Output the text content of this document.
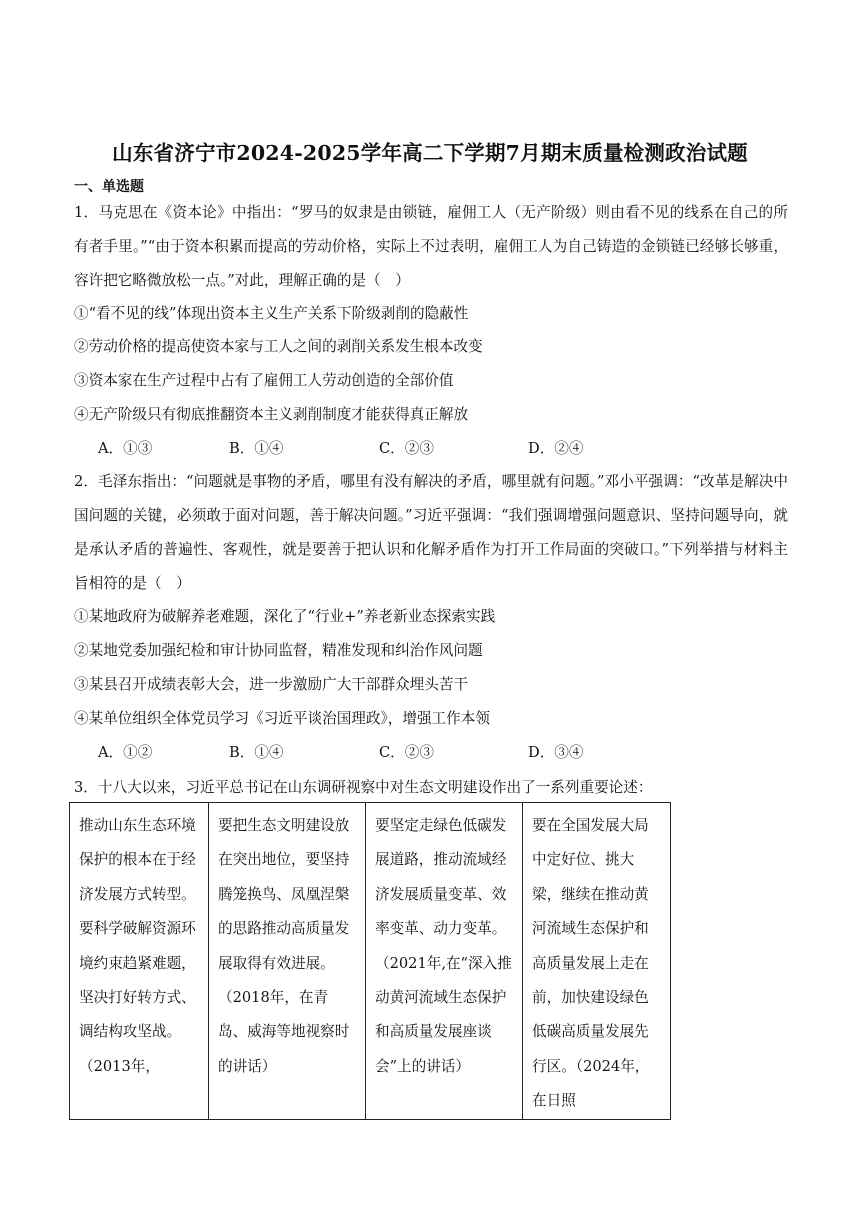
山东省济宁市2024-2025学年高二下学期7月期末质量检测政治试题
一、单选题
1．马克思在《资本论》中指出：“罗马的奴隶是由锁链，雇佣工人（无产阶级）则由看不见的线系在自己的所有者手里。”“由于资本积累而提高的劳动价格，实际上不过表明，雇佣工人为自己铸造的金锁链已经够长够重，容许把它略微放松一点。”对此，理解正确的是（　）
①“看不见的线”体现出资本主义生产关系下阶级剥削的隐蔽性
②劳动价格的提高使资本家与工人之间的剥削关系发生根本改变
③资本家在生产过程中占有了雇佣工人劳动创造的全部价值
④无产阶级只有彻底推翻资本主义剥削制度才能获得真正解放
A．①③	B．①④	C．②③	D．②④
2．毛泽东指出：“问题就是事物的矛盾，哪里有没有解决的矛盾，哪里就有问题。”邓小平强调：“改革是解决中国问题的关键，必须敢于面对问题，善于解决问题。”习近平强调：“我们强调增强问题意识、坚持问题导向，就是承认矛盾的普遍性、客观性，就是要善于把认识和化解矛盾作为打开工作局面的突破口。”下列举措与材料主旨相符的是（　）
①某地政府为破解养老难题，深化了“行业+”养老新业态探索实践
②某地党委加强纪检和审计协同监督，精准发现和纠治作风问题
③某县召开成绩表彰大会，进一步激励广大干部群众埋头苦干
④某单位组织全体党员学习《习近平谈治国理政》，增强工作本领
A．①②	B．①④	C．②③	D．③④
3．十八大以来，习近平总书记在山东调研视察中对生态文明建设作出了一系列重要论述：
推动山东生态环境保护的根本在于经济发展方式转型。要科学破解资源环境约束趋紧难题，坚决打好转方式、调结构攻坚战。（2013年，	要把生态文明建设放在突出地位，要坚持腾笼换鸟、凤凰涅槃的思路推动高质量发展取得有效进展。（2018年，在青岛、威海等地视察时的讲话）	要坚定走绿色低碳发展道路，推动流域经济发展质量变革、效率变革、动力变革。（2021年,在“深入推动黄河流域生态保护和高质量发展座谈会”上的讲话）	要在全国发展大局中定好位、挑大梁，继续在推动黄河流域生态保护和高质量发展上走在前，加快建设绿色低碳高质量发展先行区。（2024年，在日照
